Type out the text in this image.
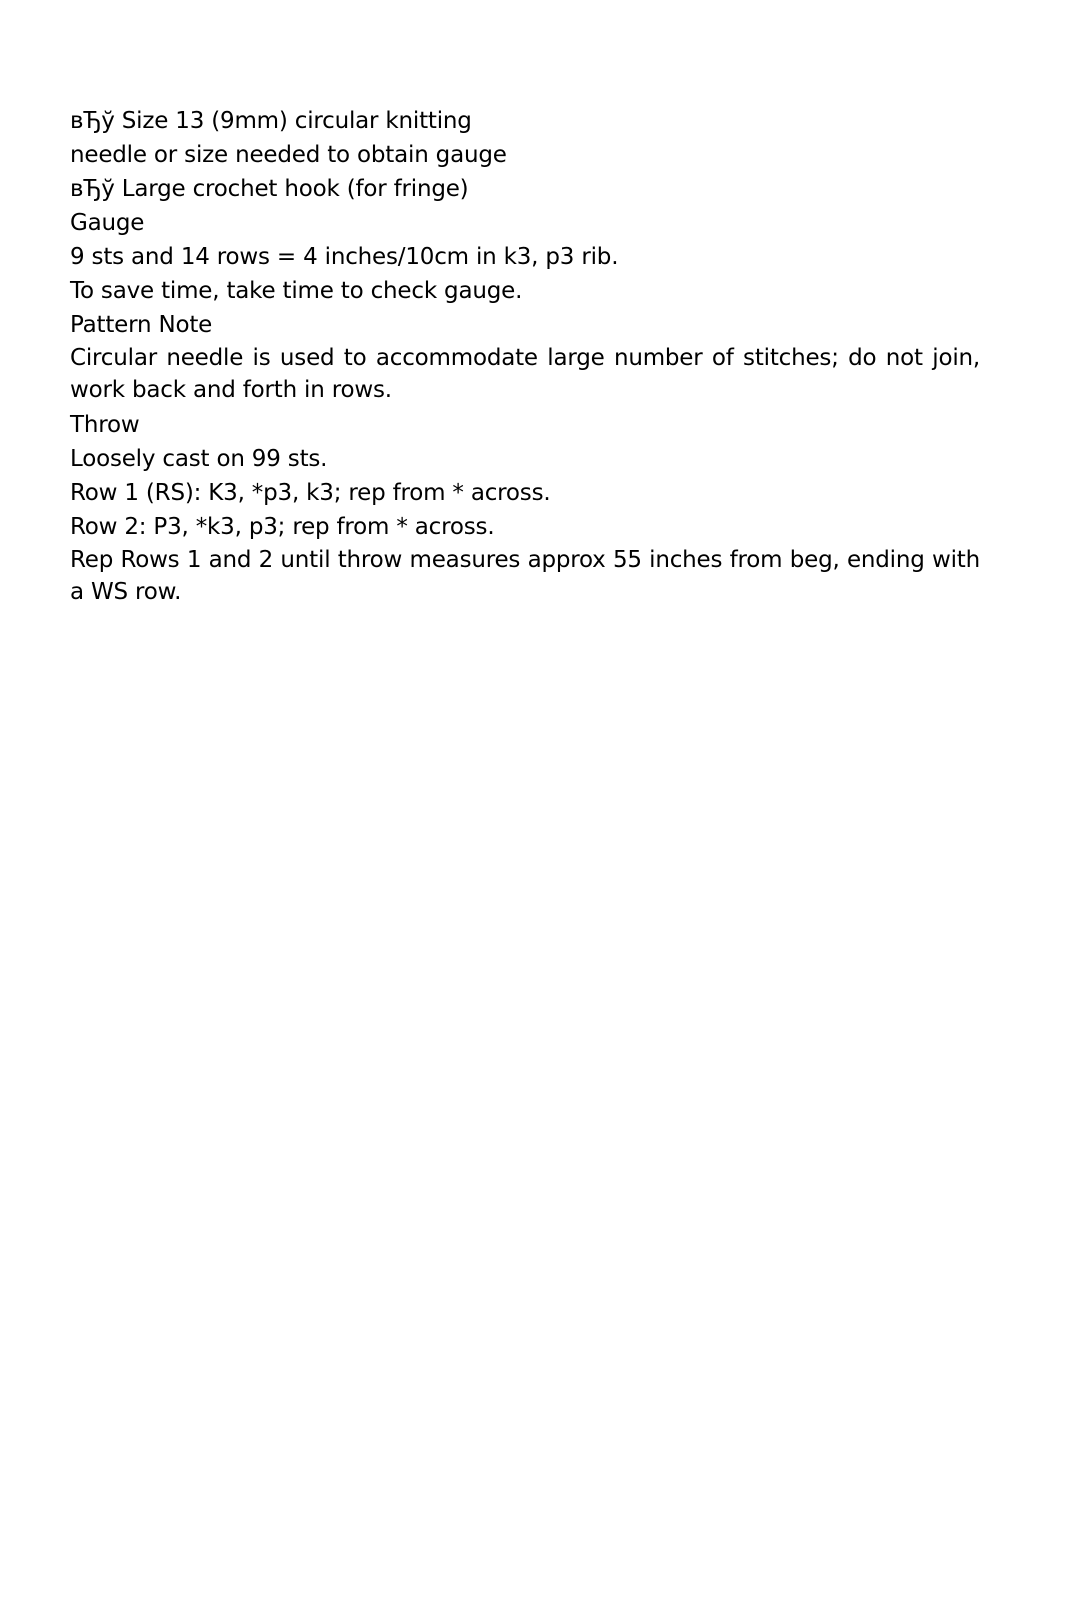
вЂў Size 13 (9mm) circular knitting

needle or size needed to obtain gauge

вЂў Large crochet hook (for fringe)

Gauge

9 sts and 14 rows = 4 inches/10cm in k3, p3 rib.

To save time, take time to check gauge.

Pattern Note

Circular needle is used to accommodate large number of stitches; do not join, work back and forth in rows.

Throw

Loosely cast on 99 sts.

Row 1 (RS): K3, *p3, k3; rep from * across.

Row 2: P3, *k3, p3; rep from * across.

Rep Rows 1 and 2 until throw measures approx 55 inches from beg, ending with a WS row.
